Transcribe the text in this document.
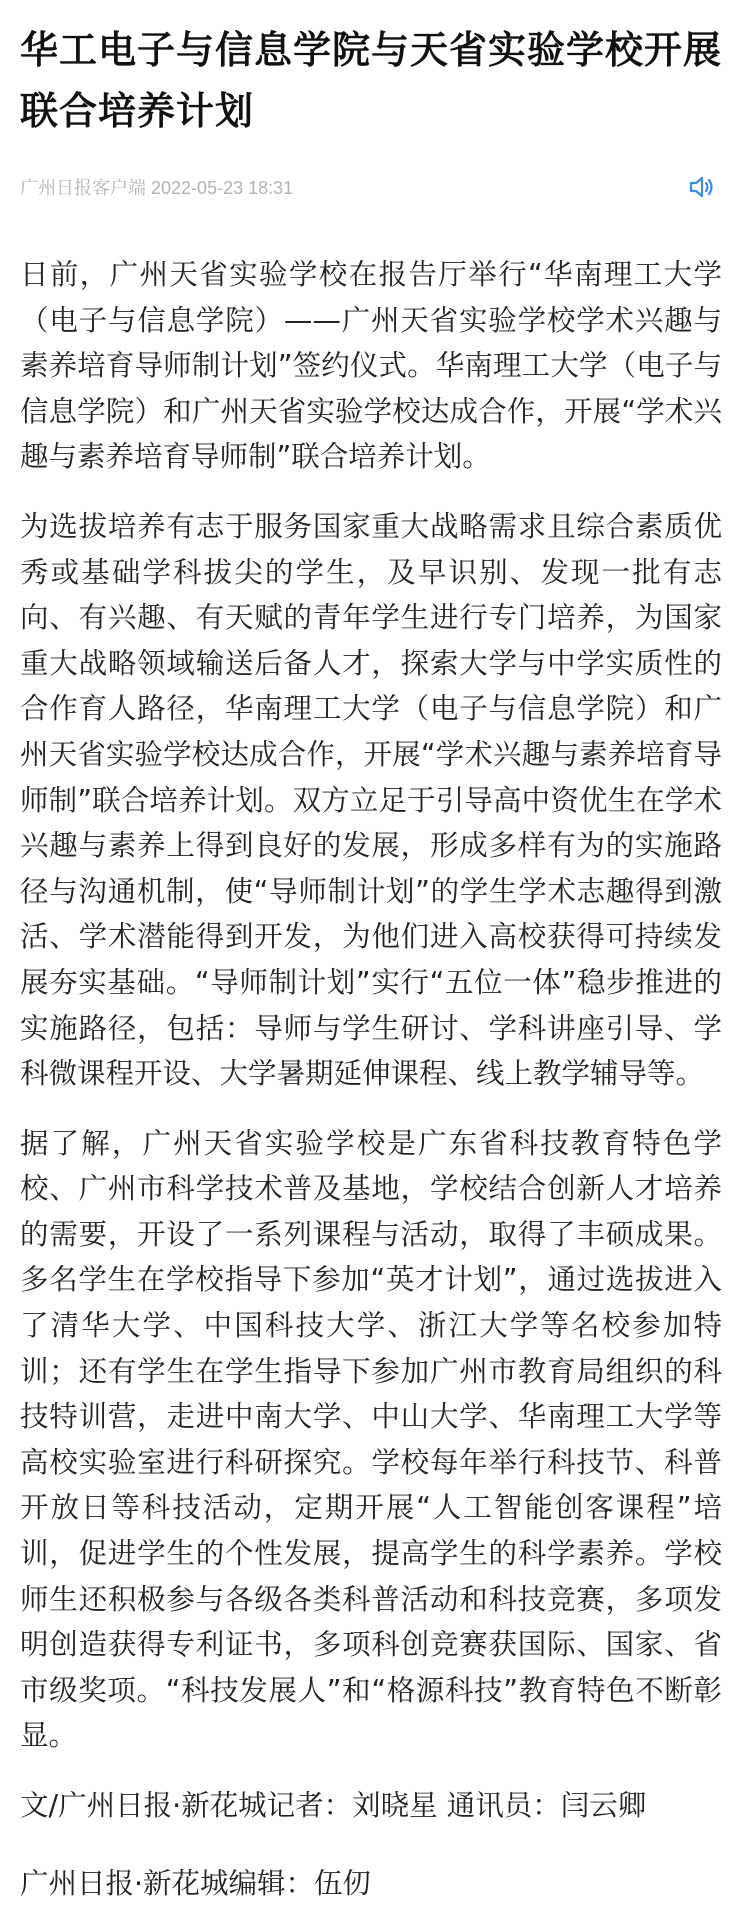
华工电子与信息学院与天省实验学校开展联合培养计划
广州日报客户端 2022-05-23 18:31

日前，广州天省实验学校在报告厅举行“华南理工大学（电子与信息学院）——广州天省实验学校学术兴趣与素养培育导师制计划”签约仪式。华南理工大学（电子与信息学院）和广州天省实验学校达成合作，开展“学术兴趣与素养培育导师制”联合培养计划。

为选拔培养有志于服务国家重大战略需求且综合素质优秀或基础学科拔尖的学生，及早识别、发现一批有志向、有兴趣、有天赋的青年学生进行专门培养，为国家重大战略领域输送后备人才，探索大学与中学实质性的合作育人路径，华南理工大学（电子与信息学院）和广州天省实验学校达成合作，开展“学术兴趣与素养培育导师制”联合培养计划。双方立足于引导高中资优生在学术兴趣与素养上得到良好的发展，形成多样有为的实施路径与沟通机制，使“导师制计划”的学生学术志趣得到激活、学术潜能得到开发，为他们进入高校获得可持续发展夯实基础。“导师制计划”实行“五位一体”稳步推进的实施路径，包括：导师与学生研讨、学科讲座引导、学科微课程开设、大学暑期延伸课程、线上教学辅导等。

据了解，广州天省实验学校是广东省科技教育特色学校、广州市科学技术普及基地，学校结合创新人才培养的需要，开设了一系列课程与活动，取得了丰硕成果。多名学生在学校指导下参加“英才计划”，通过选拔进入了清华大学、中国科技大学、浙江大学等名校参加特训；还有学生在学生指导下参加广州市教育局组织的科技特训营，走进中南大学、中山大学、华南理工大学等高校实验室进行科研探究。学校每年举行科技节、科普开放日等科技活动，定期开展“人工智能创客课程”培训，促进学生的个性发展，提高学生的科学素养。学校师生还积极参与各级各类科普活动和科技竞赛，多项发明创造获得专利证书，多项科创竞赛获国际、国家、省市级奖项。“科技发展人”和“格源科技”教育特色不断彰显。

文/广州日报·新花城记者：刘晓星 通讯员：闫云卿

广州日报·新花城编辑：伍仞
